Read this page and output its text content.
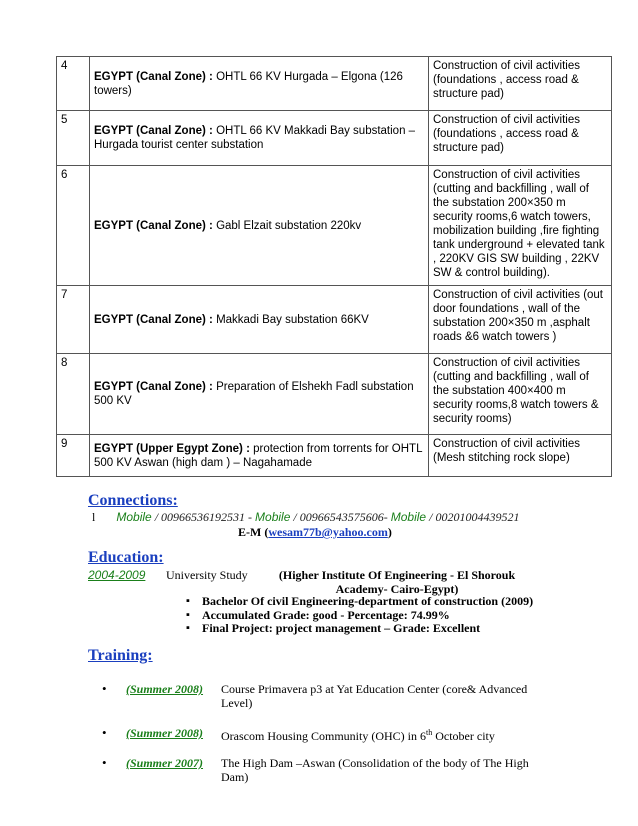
4	EGYPT (Canal Zone) : OHTL 66 KV Hurgada – Elgona (126 towers)	Construction of civil activities (foundations , access road & structure pad)
5	EGYPT (Canal Zone) : OHTL 66 KV Makkadi Bay substation – Hurgada tourist center substation	Construction of civil activities (foundations , access road & structure pad)
6	EGYPT (Canal Zone) : Gabl Elzait substation 220kv	Construction of civil activities (cutting and backfilling , wall of the substation 200×350 m security rooms,6 watch towers, mobilization building ,fire fighting tank underground + elevated tank , 220KV GIS SW building , 22KV SW & control building).
7	EGYPT (Canal Zone) : Makkadi Bay substation 66KV	Construction of civil activities (out door foundations , wall of the substation 200×350 m ,asphalt roads &6 watch towers )
8	EGYPT (Canal Zone) : Preparation of Elshekh Fadl substation 500 KV	Construction of civil activities (cutting and backfilling , wall of the substation 400×400 m security rooms,8 watch towers & security rooms)
9	EGYPT (Upper Egypt Zone) : protection from torrents for OHTL 500 KV Aswan (high dam ) – Nagahamade	Construction of civil activities (Mesh stitching rock slope)
Connections:
l Mobile / 00966536192531 - Mobile / 00966543575606- Mobile / 00201004439521
E-M (wesam77b@yahoo.com)
Education:
2004-2009 University Study	(Higher Institute Of Engineering - El Shorouk Academy- Cairo-Egypt)
▪ Bachelor Of civil Engineering-department of construction (2009)
▪ Accumulated Grade: good - Percentage: 74.99%
▪ Final Project: project management – Grade: Excellent
Training:
• (Summer 2008) Course Primavera p3 at Yat Education Center (core& Advanced Level)
• (Summer 2008) Orascom Housing Community (OHC) in 6th October city
• (Summer 2007) The High Dam –Aswan (Consolidation of the body of The High Dam)
